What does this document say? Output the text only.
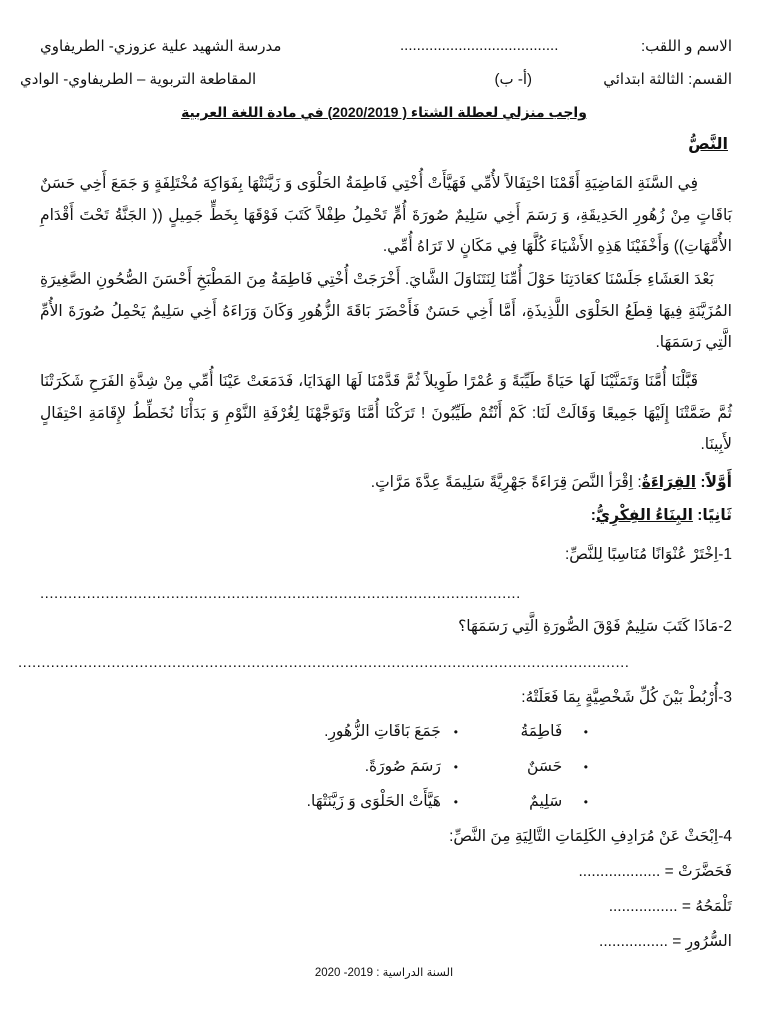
الاسم و اللقب:
......................................
مدرسة الشهيد علية عزوزي- الطريفاوي
القسم: الثالثة ابتدائي
(أ- ب)
المقاطعة التربوية – الطريفاوي- الوادي
واجب منزلي لعطلة الشتاء ( 2020/2019) في مادة اللغة العربية
النَّصُّ
فِي السَّنَةِ المَاضِيَةِ أَقَمْنَا احْتِفَالاً لأُمِّي فَهَيَّأَتْ أُخْتِي فَاطِمَةُ الحَلْوَى وَ زَيَّنَتْهَا بِفَوَاكِهَ مُخْتَلِفَةٍ وَ جَمَعَ أَخِي حَسَنٌ بَاقَاتٍ مِنْ زُهُورِ الحَدِيقَةِ، وَ رَسَمَ أَخِي سَلِيمٌ صُورَةَ أُمٍّ تَحْمِلُ طِفْلاً كَتَبَ فَوْقَهَا بِخَطٍّ جَمِيلٍ (( الجَنَّةُ تَحْتَ أَقْدَامِ الأُمَّهَاتِ)) وَأَخْفَيْنَا هَذِهِ الأَشْيَاءَ كُلَّهَا فِي مَكَانٍ لا تَرَاهُ أُمِّي.
بَعْدَ العَشَاءِ جَلَسْنَا كعَادَتِنَا حَوْلَ أُمِّنَا لِنَتَنَاوَلَ الشَّايَ. أَخْرَجَتْ أُخْتِي فَاطِمَةُ مِنَ المَطْبَخِ أَحْسَنَ الصُّحُونِ الصَّغِيرَةِ المُزَيَّنَةِ فِيهَا قِطَعُ الحَلْوَى اللَّذِيذَةِ، أَمَّا أَخِي حَسَنٌ فَأَحْضَرَ بَاقَةَ الزُّهُورِ وَكَانَ وَرَاءَهُ أَخِي سَلِيمٌ يَحْمِلُ صُورَةَ الأُمِّ الَّتِي رَسَمَهَا.
قَبَّلْنَا أُمَّنَا وَتَمَنَّيْنَا لَهَا حَيَاةً طَيِّبَةً وَ عُمْرًا طَوِيلاً ثُمَّ قَدَّمْنَا لَهَا الهَدَايَا، فَدَمَعَتْ عَيْنَا أُمِّي مِنْ شِدَّةِ الفَرَحِ شَكَرَتْنَا ثُمَّ ضَمَّتْنَا إِلَيْهَا جَمِيعًا وَقَالَتْ لَنَا: كَمْ أَنْتُمْ طَيِّبُونَ ! تَرَكْنَا أُمَّنَا وَتَوَجَّهْنَا لِغُرْفَةِ النَّوْمِ وَ بَدَأْنَا نُخَطِّطُ لإِقَامَةِ احْتِفَالٍ لأَبِينَا.
أَوَّلاً: القِرَاءَةُ: اِقْرَأ النَّصَ قِرَاءَةً جَهْرِيَّةً سَلِيمَةً عِدَّةَ مَرَّاتٍ.
ثَانِيًا: البِنَاءُ الفِكْرِيُّ:
1-اِخْتَرْ عُنْوَانًا مُنَاسِبًا لِلنَّصِّ:
.......................................................................................................
2-مَاذَا كَتَبَ سَلِيمٌ فَوْقَ الصُّورَةِ الَّتِي رَسَمَهَا؟
...................................................................................................................................
3-أُرْبُطْ بَيْنَ كُلِّ شَخْصِيَّةٍ بِمَا فَعَلَتْهُ:
•     فَاطِمَةُ
•   جَمَعَ بَاقَاتِ الزُّهُورِ.
•     حَسَنٌ
•   رَسَمَ صُورَةً.
•     سَلِيمٌ
•   هَيَّأَتْ الحَلْوَى وَ زَيَّنَتْهَا.
4-اِبْحَثْ عَنْ مُرَادِفِ الكَلِمَاتِ التَّالِيَةِ مِنَ النَّصِّ:
فَحَضَّرَتْ = ...................
تَلْمَحُهُ = ................
السُّرُورِ = ................
السنة الدراسية : 2019- 2020
